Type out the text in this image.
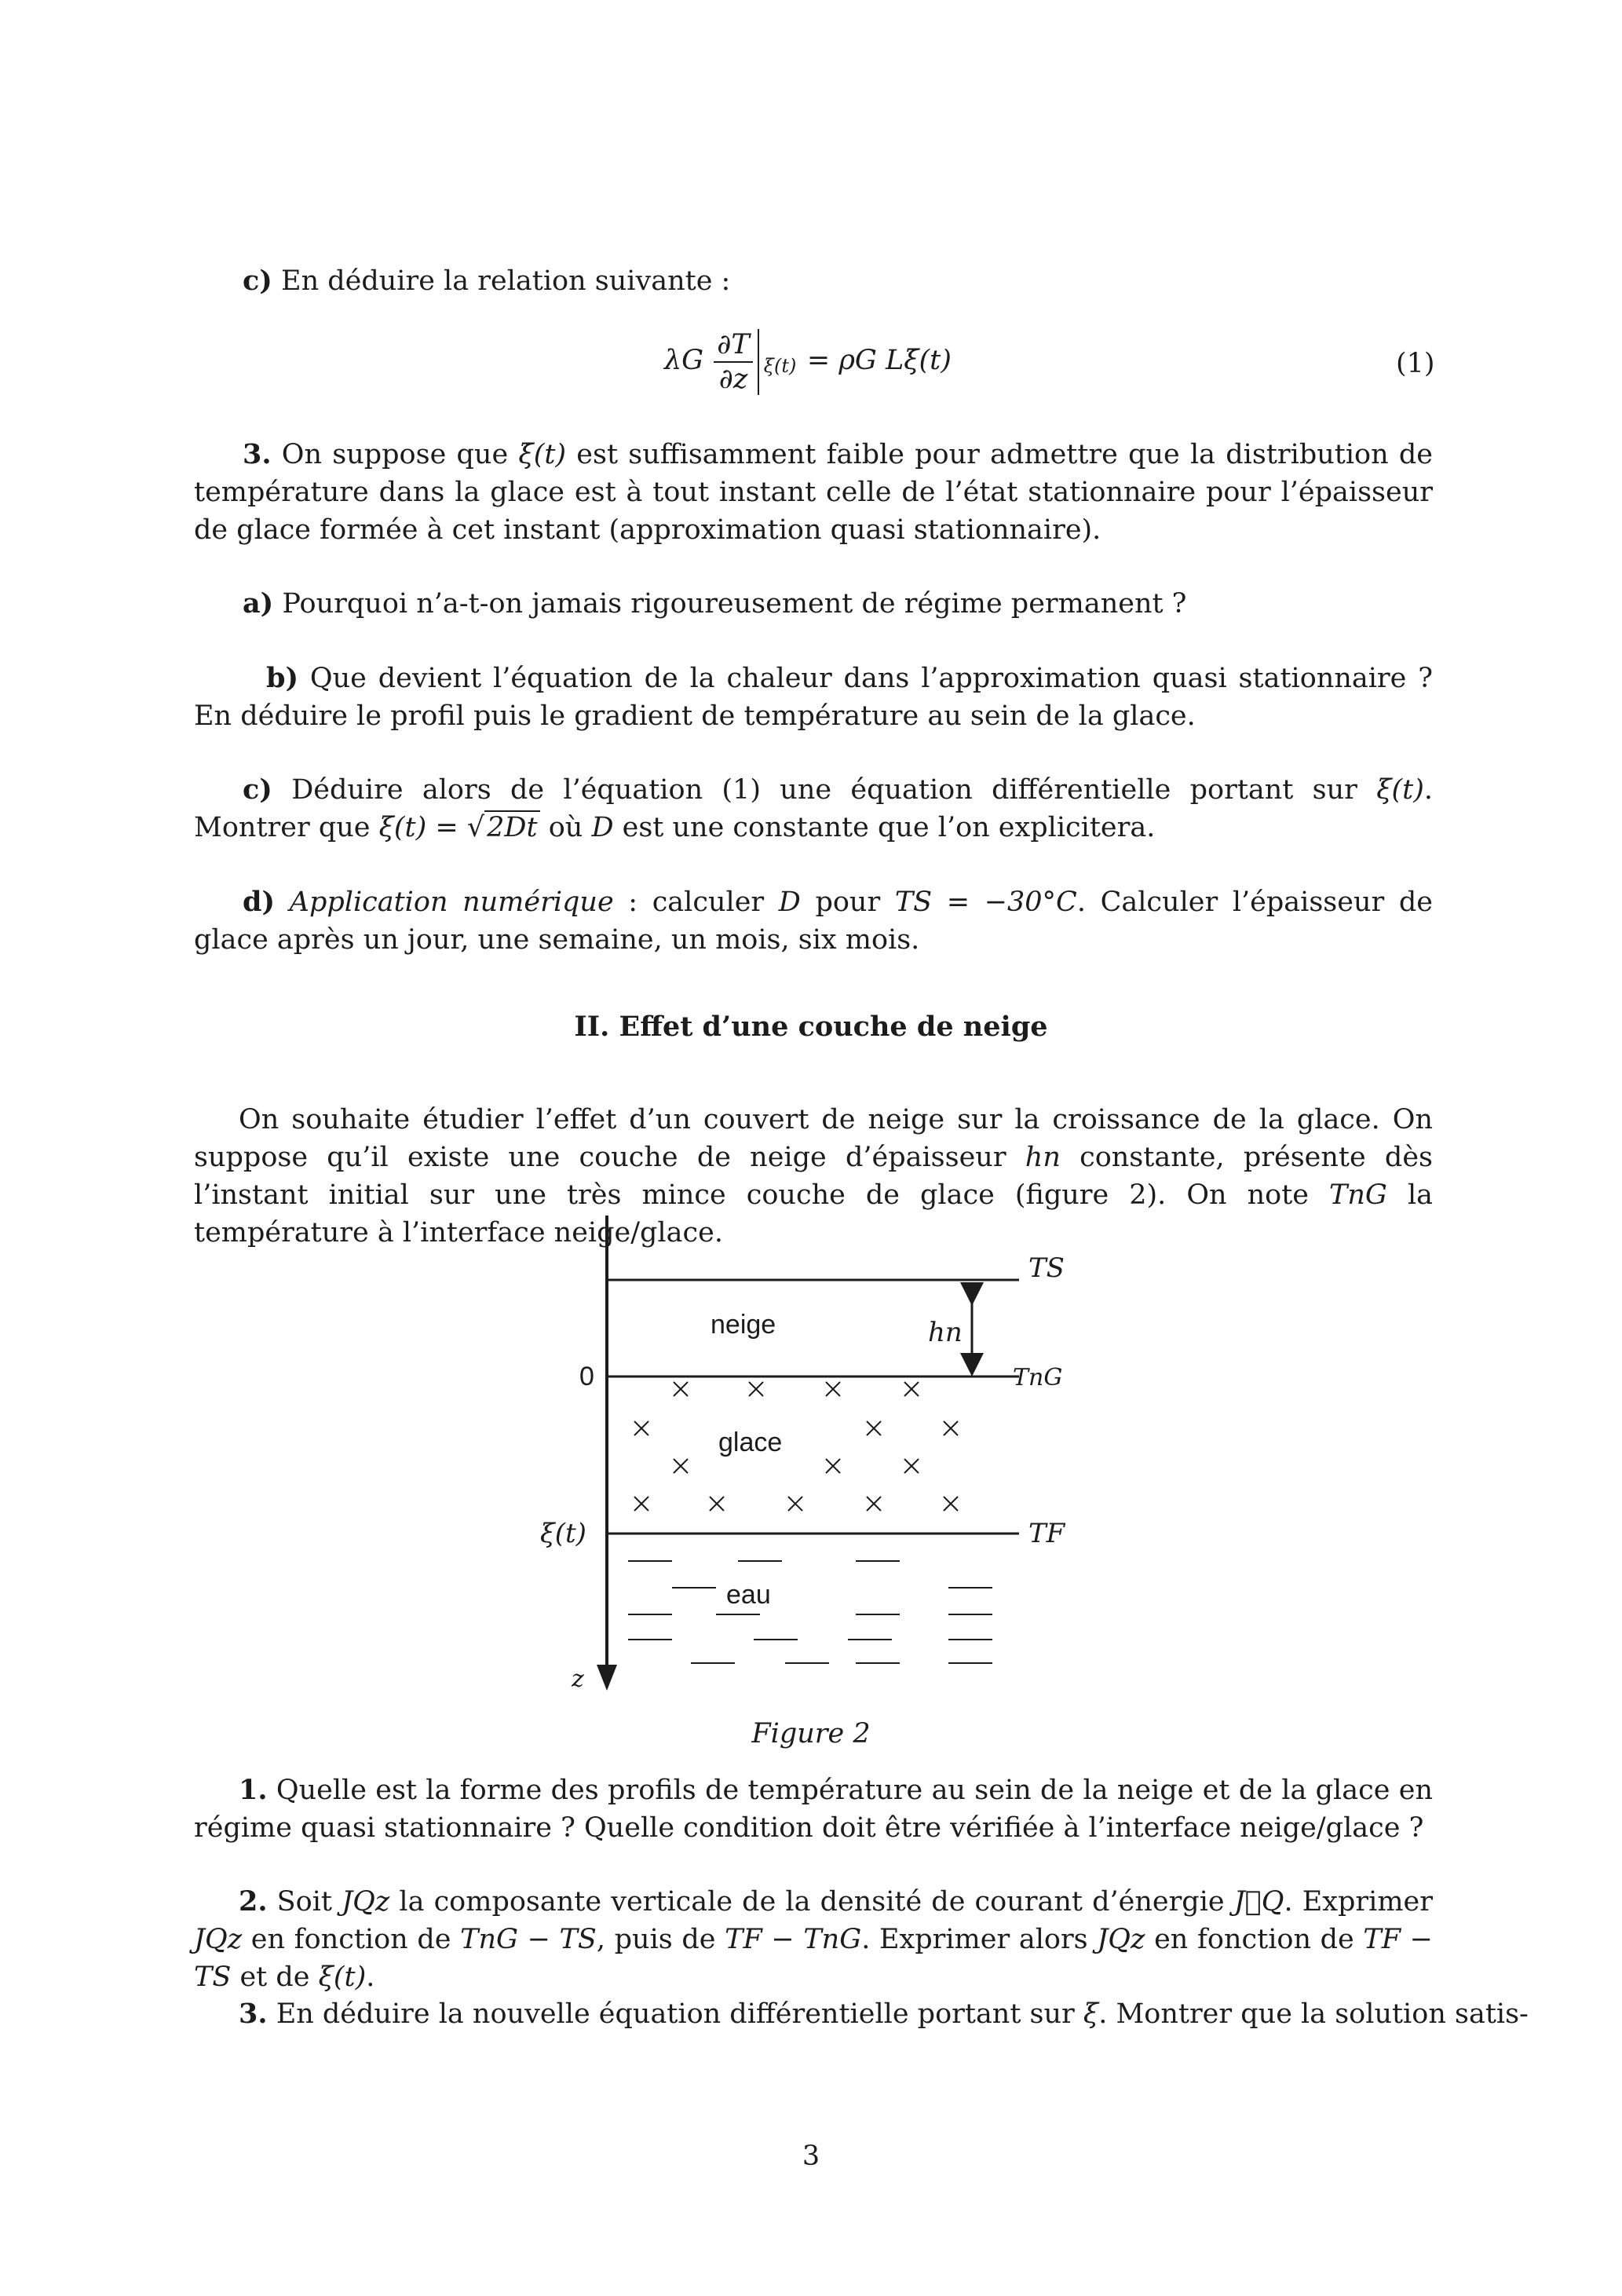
c) En déduire la relation suivante :

λG $\frac{\partial T}{\partial z} \xi(t) = \rho G$ Lξ̇(t)	(1)

3. On suppose que ξ̇(t) est suffisamment faible pour admettre que la distribution de température dans la glace est à tout instant celle de l’état stationnaire pour l’épaisseur de glace formée à cet instant (approximation quasi stationnaire).

a) Pourquoi n’a-t-on jamais rigoureusement de régime permanent ?

b) Que devient l’équation de la chaleur dans l’approximation quasi stationnaire ? En déduire le profil puis le gradient de température au sein de la glace.

c) Déduire alors de l’équation (1) une équation différentielle portant sur ξ(t). Montrer que ξ(t) = √2Dt où D est une constante que l’on explicitera.

d) Application numérique : calculer D pour TS = −30°C. Calculer l’épaisseur de glace après un jour, une semaine, un mois, six mois.

II. Effet d’une couche de neige

On souhaite étudier l’effet d’un couvert de neige sur la croissance de la glace. On suppose qu’il existe une couche de neige d’épaisseur hn constante, présente dès l’instant initial sur une très mince couche de glace (figure 2). On note TnG la température à l’interface neige/glace.

TS
neige	hn
0	TnG
glace
ξ(t)	TF
eau
z
Figure 2

1. Quelle est la forme des profils de température au sein de la neige et de la glace en régime quasi stationnaire ? Quelle condition doit être vérifiée à l’interface neige/glace ?

2. Soit JQz la composante verticale de la densité de courant d’énergie J⃗Q. Exprimer JQz en fonction de TnG − TS, puis de TF − TnG. Exprimer alors JQz en fonction de TF − TS et de ξ(t).

3. En déduire la nouvelle équation différentielle portant sur ξ. Montrer que la solution satis-

3
